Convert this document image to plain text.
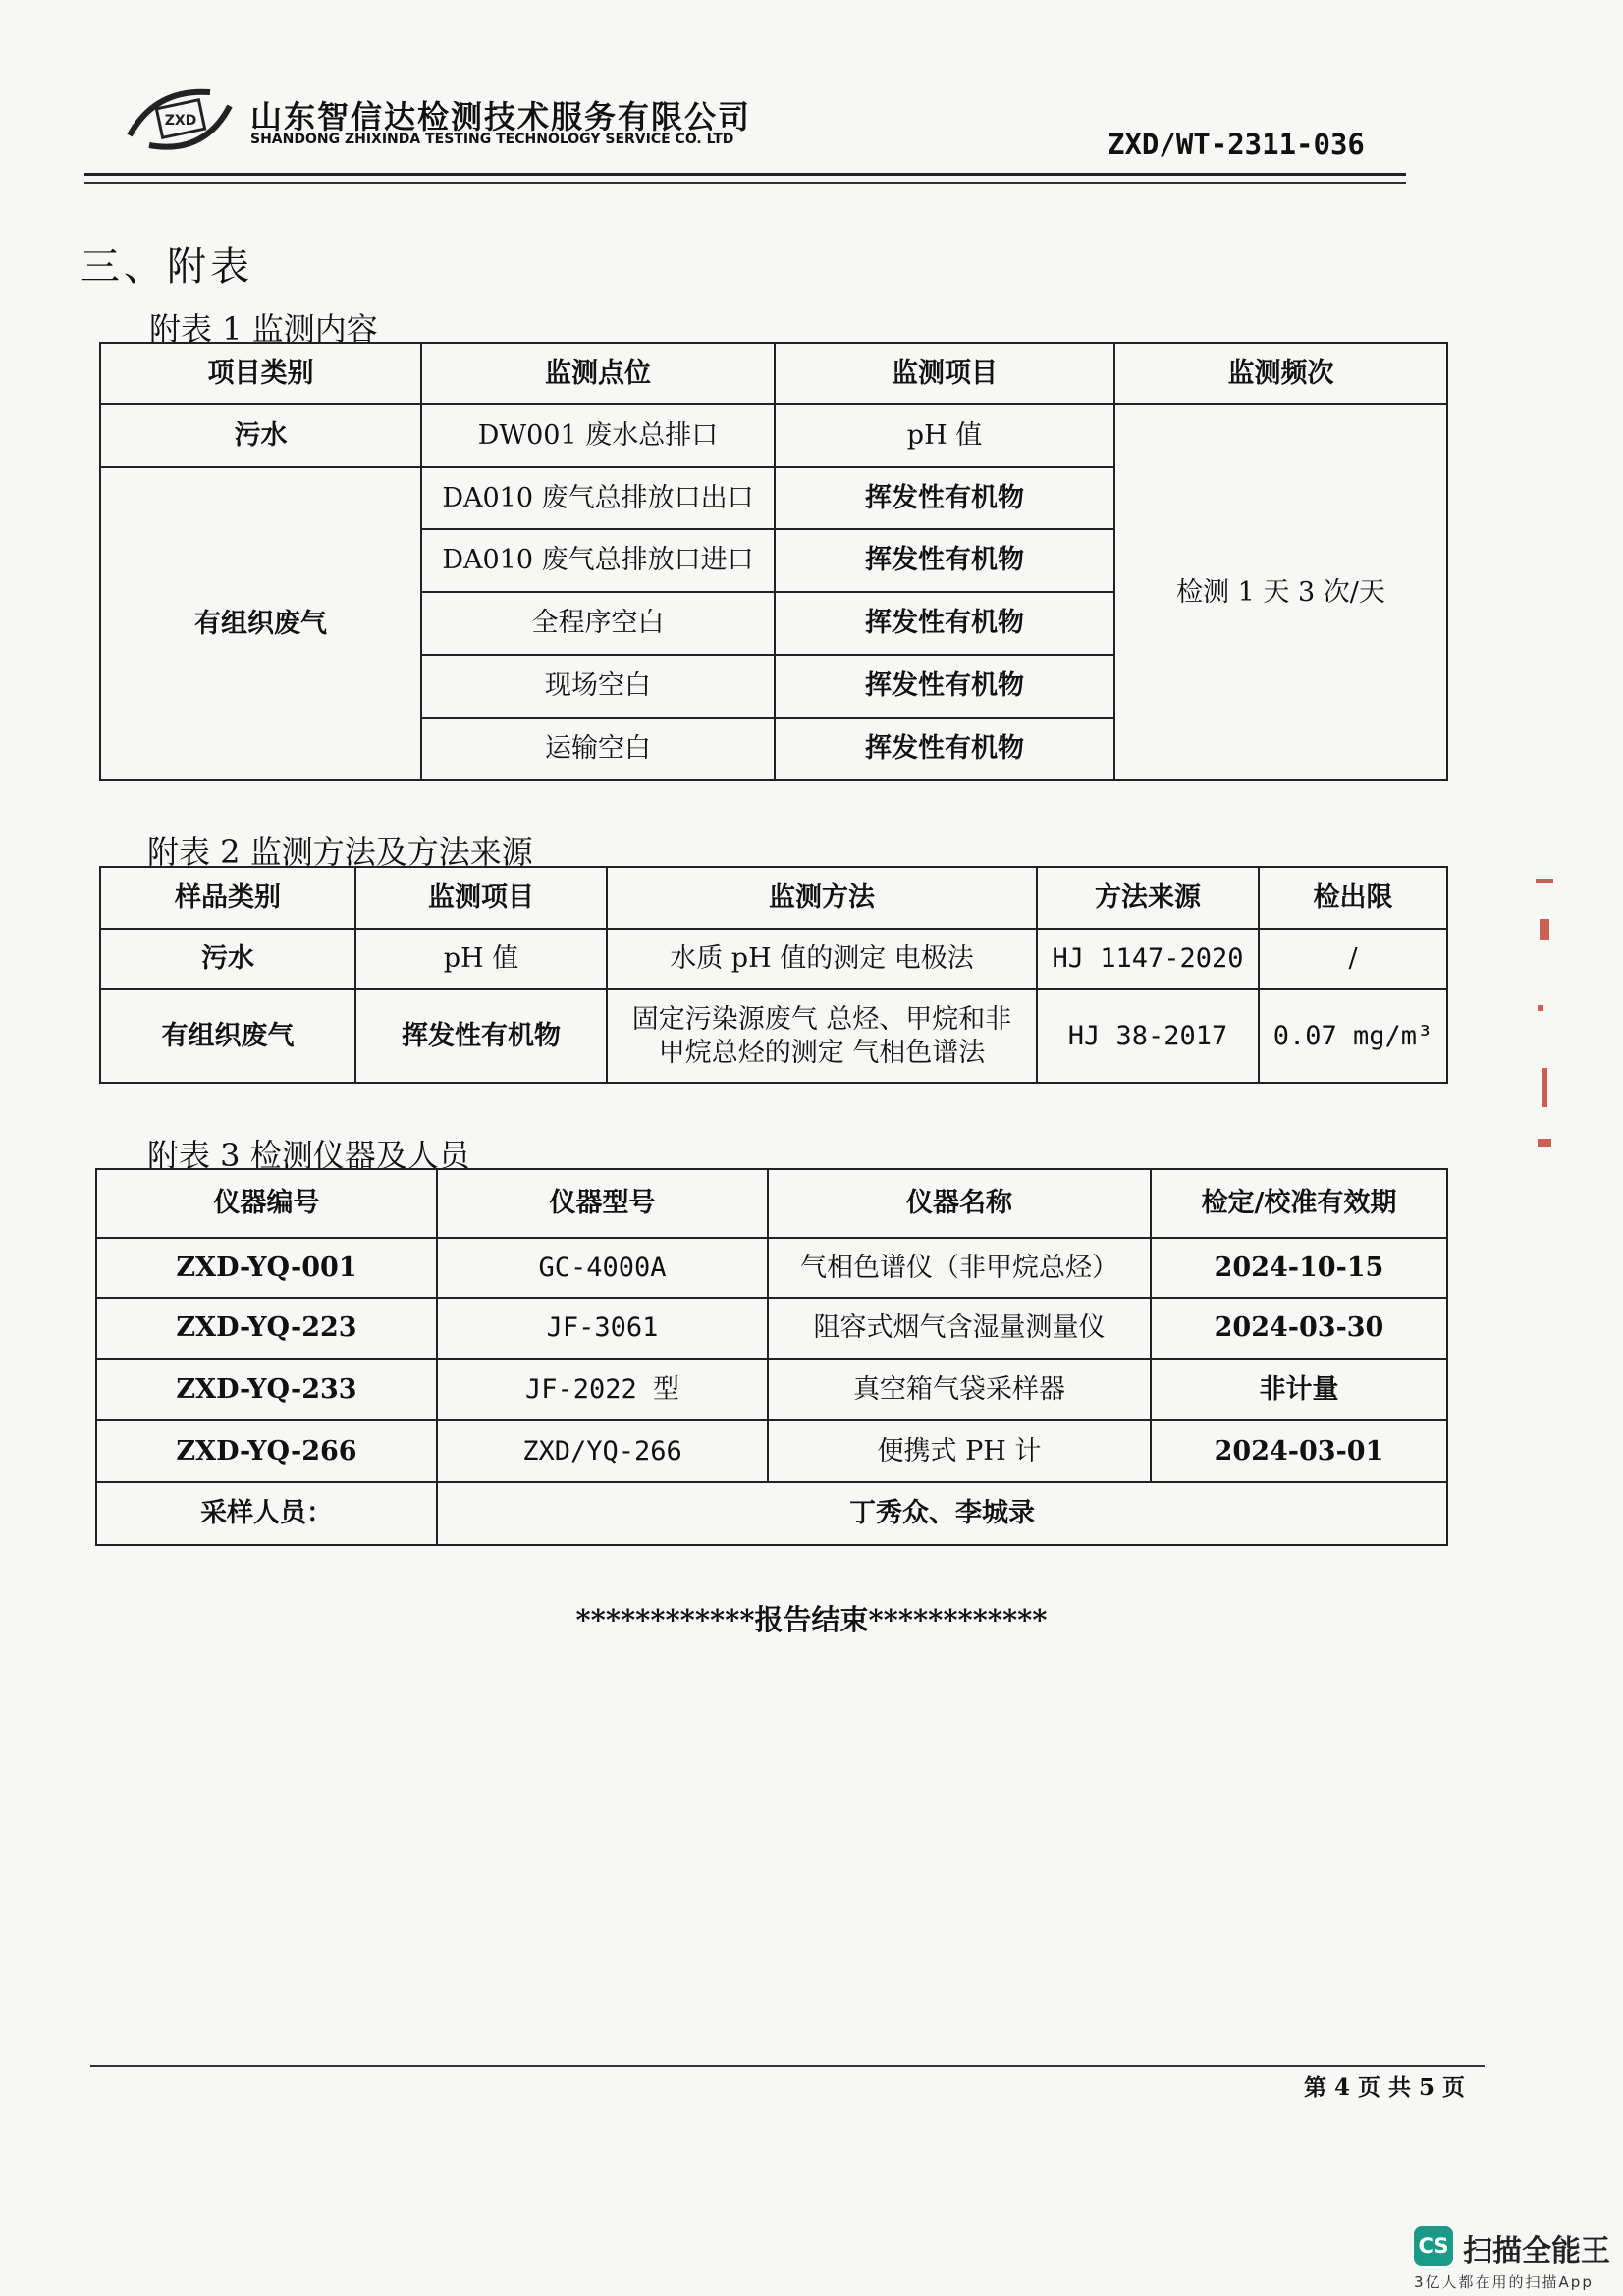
ZXD 山东智信达检测技术服务有限公司
SHANDONG ZHIXINDA TESTING TECHNOLOGY SERVICE CO. LTD	ZXD/WT-2311-036
三、附表
附表 1 监测内容
项目类别	监测点位	监测项目	监测频次
污水	DW001 废水总排口	pH 值	检测 1 天 3 次/天
有组织废气	DA010 废气总排放口出口	挥发性有机物	
	DA010 废气总排放口进口	挥发性有机物	
	全程序空白	挥发性有机物	
	现场空白	挥发性有机物	
	运输空白	挥发性有机物	
附表 2 监测方法及方法来源
样品类别	监测项目	监测方法	方法来源	检出限
污水	pH 值	水质 pH 值的测定 电极法	HJ 1147-2020	/
有组织废气	挥发性有机物	固定污染源废气 总烃、甲烷和非
甲烷总烃的测定 气相色谱法	HJ 38-2017	0.07 mg/m³
附表 3 检测仪器及人员
仪器编号	仪器型号	仪器名称	检定/校准有效期
ZXD-YQ-001	GC-4000A	气相色谱仪（非甲烷总烃）	2024-10-15
ZXD-YQ-223	JF-3061	阻容式烟气含湿量测量仪	2024-03-30
ZXD-YQ-233	JF-2022 型	真空箱气袋采样器	非计量
ZXD-YQ-266	ZXD/YQ-266	便携式 PH 计	2024-03-01
采样人员：	丁秀众、李城录		
************报告结束************
第 4 页 共 5 页
CS 扫描全能王
3亿人都在用的扫描App
